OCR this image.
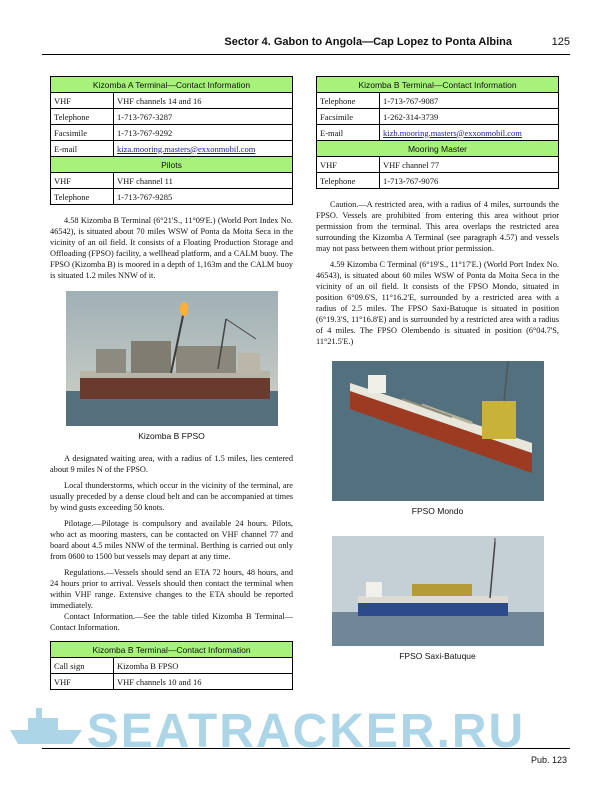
Sector 4. Gabon to Angola—Cap Lopez to Ponta Albina	125
Kizomba A Terminal—Contact Information	
VHF	VHF channels 14 and 16
Telephone	1-713-767-3287
Facsimile	1-713-767-9292
E-mail	kiza.mooring.masters@exxonmobil.com
Pilots	
VHF	VHF channel 11
Telephone	1-713-767-9285

4.58 Kizomba B Terminal (6°21'S., 11°09'E.) (World Port Index No. 46542), is situated about 70 miles WSW of Ponta da Moita Seca in the vicinity of an oil field. It consists of a Floating Production Storage and Offloading (FPSO) facility, a wellhead platform, and a CALM buoy. The FPSO (Kizomba B) is moored in a depth of 1,163m and the CALM buoy is situated 1.2 miles NNW of it.

Kizomba B FPSO

A designated waiting area, with a radius of 1.5 miles, lies centered about 9 miles N of the FPSO.

Local thunderstorms, which occur in the vicinity of the terminal, are usually preceded by a dense cloud belt and can be accompanied at times by wind gusts exceeding 50 knots.

Pilotage.—Pilotage is compulsory and available 24 hours. Pilots, who act as mooring masters, can be contacted on VHF channel 77 and board about 4.5 miles NNW of the terminal. Berthing is carried out only from 0600 to 1500 but vessels may depart at any time.

Regulations.—Vessels should send an ETA 72 hours, 48 hours, and 24 hours prior to arrival. Vessels should then contact the terminal when within VHF range. Extensive changes to the ETA should be reported immediately.

Contact Information.—See the table titled Kizomba B Terminal—Contact Information.

Kizomba B Terminal—Contact Information	
Call sign	Kizomba B FPSO
VHF	VHF channels 10 and 16
Kizomba B Terminal—Contact Information	
Telephone	1-713-767-9087
Facsimile	1-262-314-3739
E-mail	kizb.mooring.masters@exxonmobil.com
Mooring Master	
VHF	VHF channel 77
Telephone	1-713-767-9076

Caution.—A restricted area, with a radius of 4 miles, surrounds the FPSO. Vessels are prohibited from entering this area without prior permission from the terminal. This area overlaps the restricted area surrounding the Kizomba A Terminal (see paragraph 4.57) and vessels may not pass between them without prior permission.

4.59 Kizomba C Terminal (6°19'S., 11°17'E.) (World Port Index No. 46543), is situated about 60 miles WSW of Ponta da Moita Seca in the vicinity of an oil field. It consists of the FPSO Mondo, situated in position 6°09.6'S, 11°16.2'E, surrounded by a restricted area with a radius of 2.5 miles. The FPSO Saxi-Batuque is situated in position (6°19.3'S, 11°16.8'E) and is surrounded by a restricted area with a radius of 4 miles. The FPSO Olembendo is situated in position (6°04.7'S, 11°21.5'E.)

FPSO Mondo
FPSO Saxi-Batuque
SEATRACKER.RU
Pub. 123
